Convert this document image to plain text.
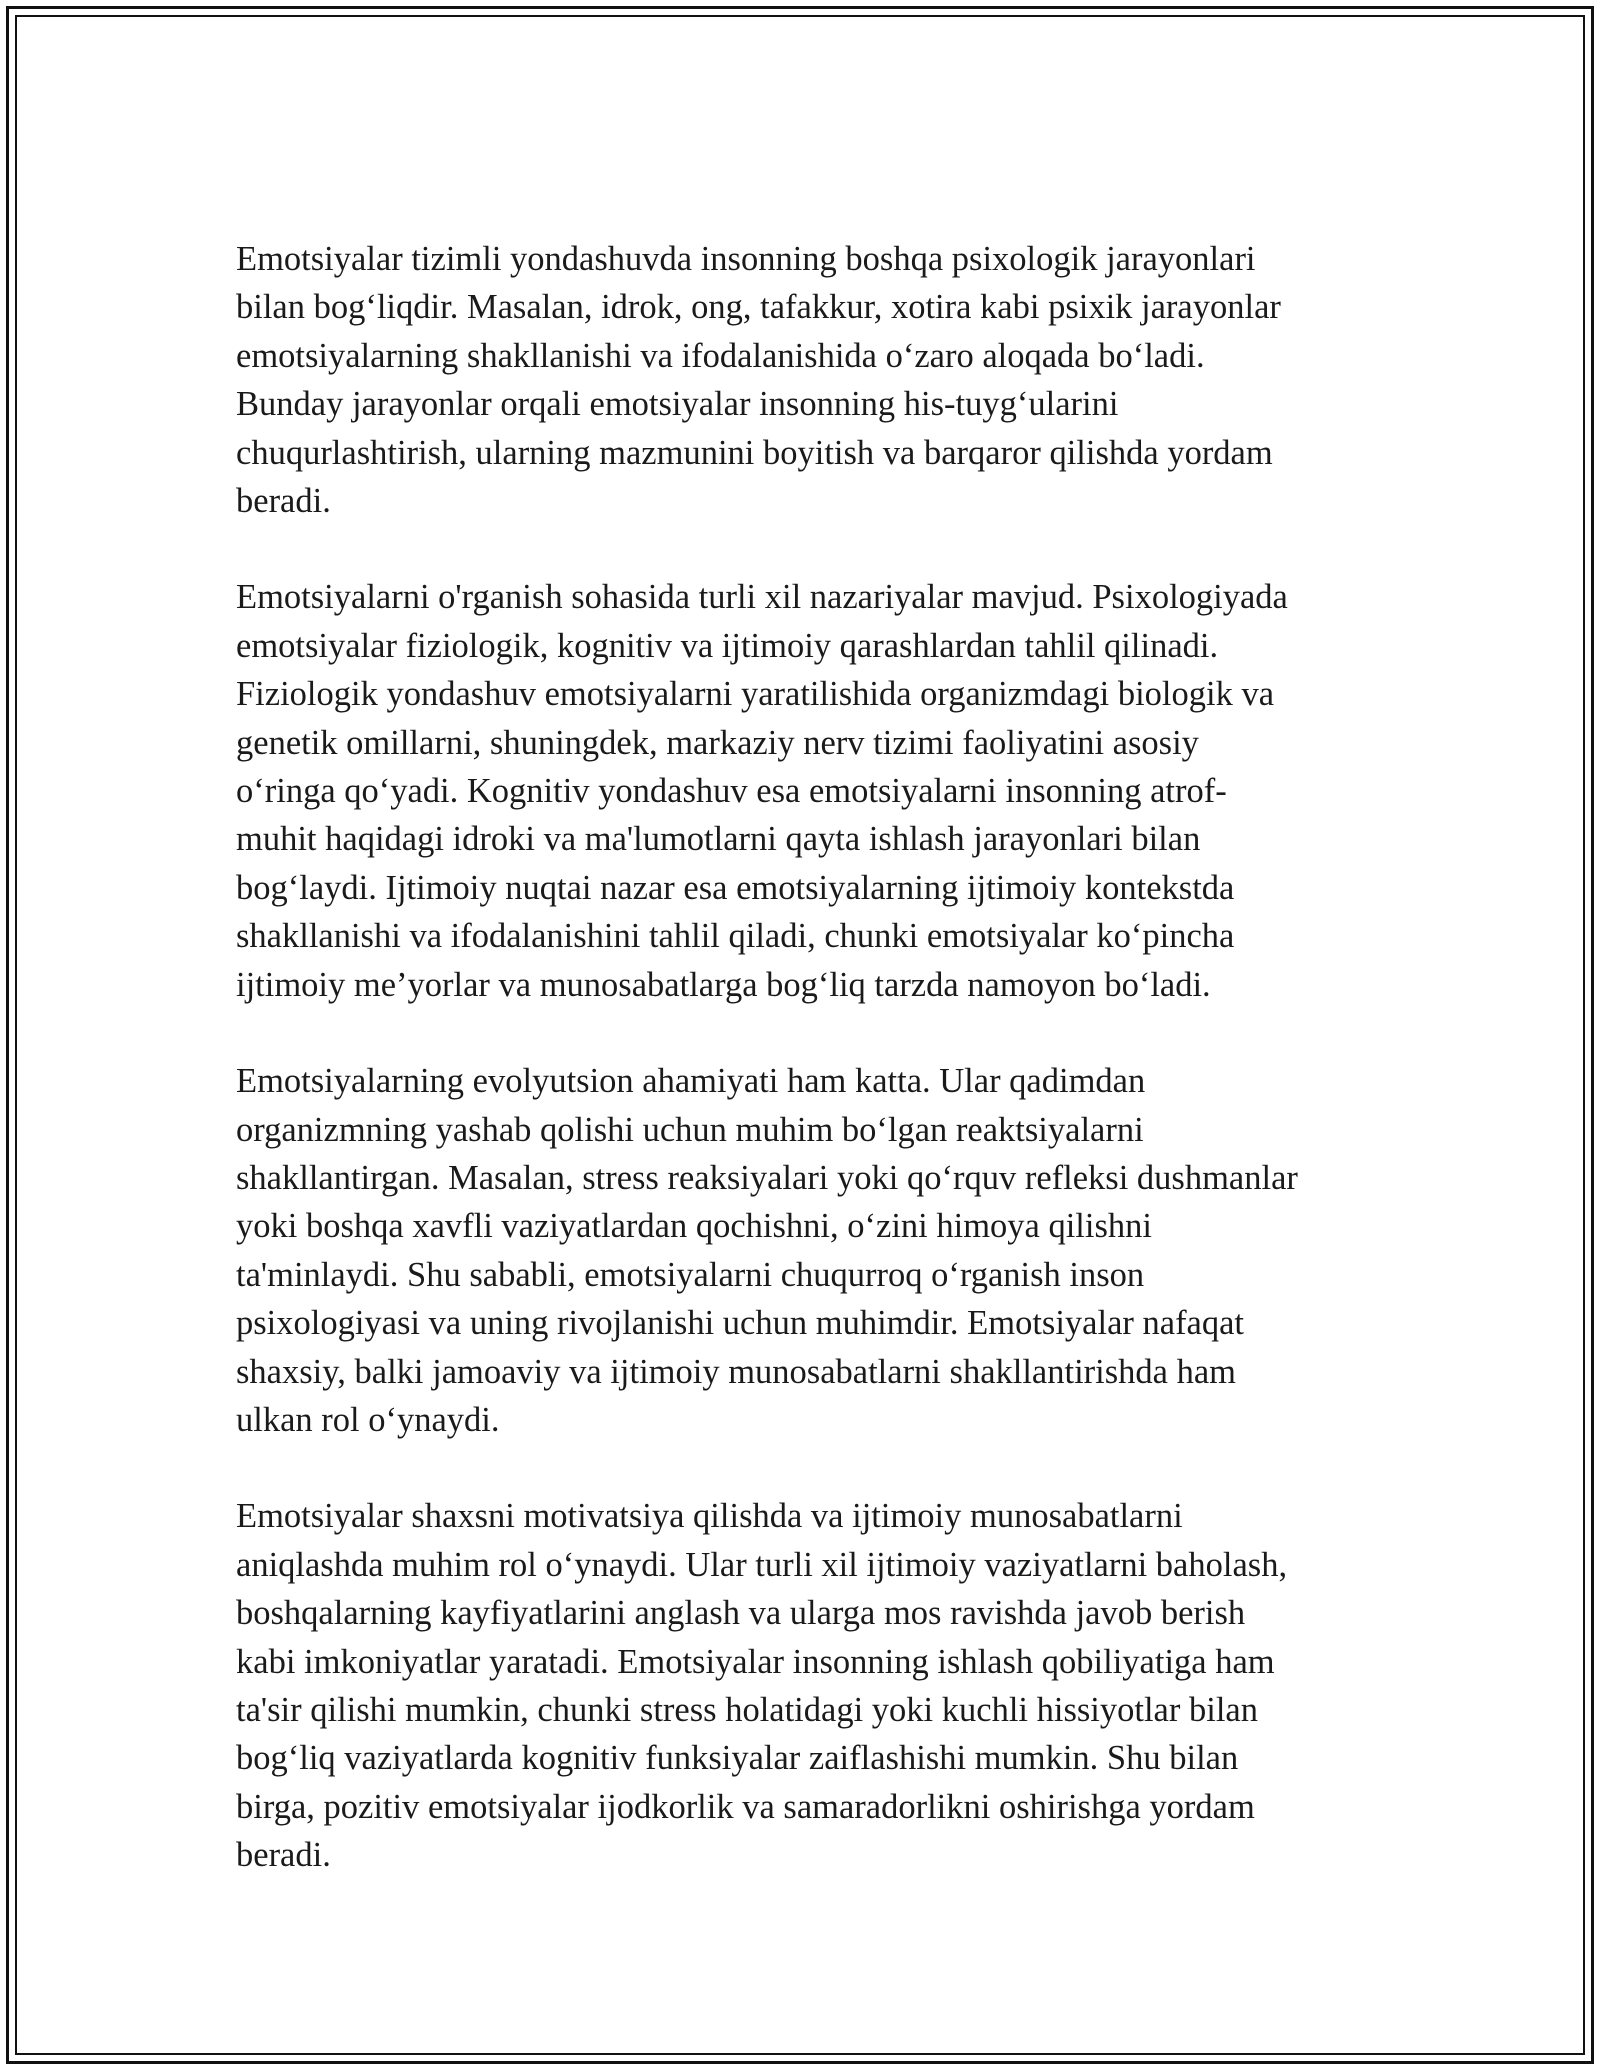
Emotsiyalar tizimli yondashuvda insonning boshqa psixologik jarayonlari
bilan bog‘liqdir. Masalan, idrok, ong, tafakkur, xotira kabi psixik jarayonlar
emotsiyalarning shakllanishi va ifodalanishida o‘zaro aloqada bo‘ladi.
Bunday jarayonlar orqali emotsiyalar insonning his-tuyg‘ularini
chuqurlashtirish, ularning mazmunini boyitish va barqaror qilishda yordam
beradi.

Emotsiyalarni o'rganish sohasida turli xil nazariyalar mavjud. Psixologiyada
emotsiyalar fiziologik, kognitiv va ijtimoiy qarashlardan tahlil qilinadi.
Fiziologik yondashuv emotsiyalarni yaratilishida organizmdagi biologik va
genetik omillarni, shuningdek, markaziy nerv tizimi faoliyatini asosiy
o‘ringa qo‘yadi. Kognitiv yondashuv esa emotsiyalarni insonning atrof-
muhit haqidagi idroki va ma'lumotlarni qayta ishlash jarayonlari bilan
bog‘laydi. Ijtimoiy nuqtai nazar esa emotsiyalarning ijtimoiy kontekstda
shakllanishi va ifodalanishini tahlil qiladi, chunki emotsiyalar ko‘pincha
ijtimoiy me’yorlar va munosabatlarga bog‘liq tarzda namoyon bo‘ladi.

Emotsiyalarning evolyutsion ahamiyati ham katta. Ular qadimdan
organizmning yashab qolishi uchun muhim bo‘lgan reaktsiyalarni
shakllantirgan. Masalan, stress reaksiyalari yoki qo‘rquv refleksi dushmanlar
yoki boshqa xavfli vaziyatlardan qochishni, o‘zini himoya qilishni
ta'minlaydi. Shu sababli, emotsiyalarni chuqurroq o‘rganish inson
psixologiyasi va uning rivojlanishi uchun muhimdir. Emotsiyalar nafaqat
shaxsiy, balki jamoaviy va ijtimoiy munosabatlarni shakllantirishda ham
ulkan rol o‘ynaydi.

Emotsiyalar shaxsni motivatsiya qilishda va ijtimoiy munosabatlarni
aniqlashda muhim rol o‘ynaydi. Ular turli xil ijtimoiy vaziyatlarni baholash,
boshqalarning kayfiyatlarini anglash va ularga mos ravishda javob berish
kabi imkoniyatlar yaratadi. Emotsiyalar insonning ishlash qobiliyatiga ham
ta'sir qilishi mumkin, chunki stress holatidagi yoki kuchli hissiyotlar bilan
bog‘liq vaziyatlarda kognitiv funksiyalar zaiflashishi mumkin. Shu bilan
birga, pozitiv emotsiyalar ijodkorlik va samaradorlikni oshirishga yordam
beradi.
